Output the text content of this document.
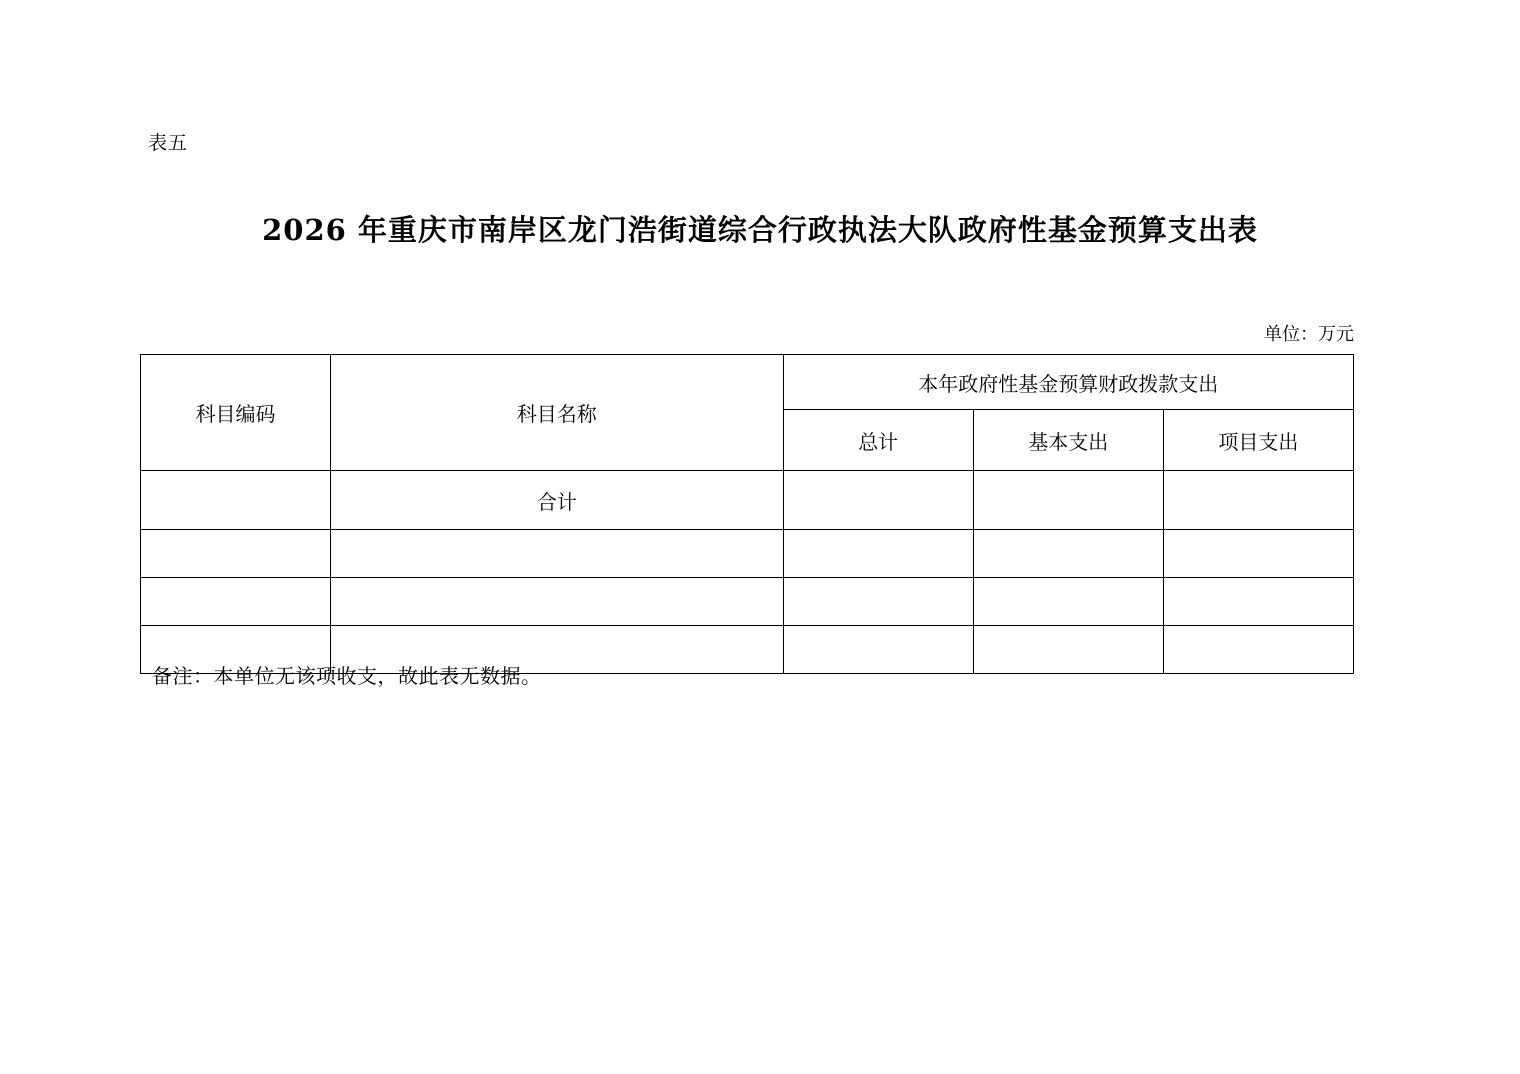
表五
2026 年重庆市南岸区龙门浩街道综合行政执法大队政府性基金预算支出表
单位：万元
科目编码	科目名称	本年政府性基金预算财政拨款支出		
		总计	基本支出	项目支出
	合计			

备注：本单位无该项收支，故此表无数据。
